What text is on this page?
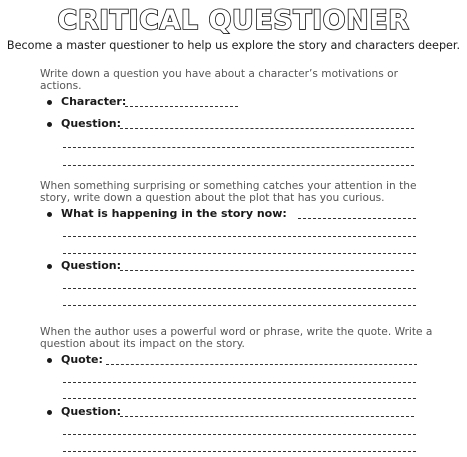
CRITICAL QUESTIONER
Become a master questioner to help us explore the story and characters deeper.

Write down a question you have about a character’s motivations or actions.

Character:
Question:

When something surprising or something catches your attention in the story, write down a question about the plot that has you curious.

What is happening in the story now:
Question:

When the author uses a powerful word or phrase, write the quote. Write a question about its impact on the story.

Quote:
Question:
